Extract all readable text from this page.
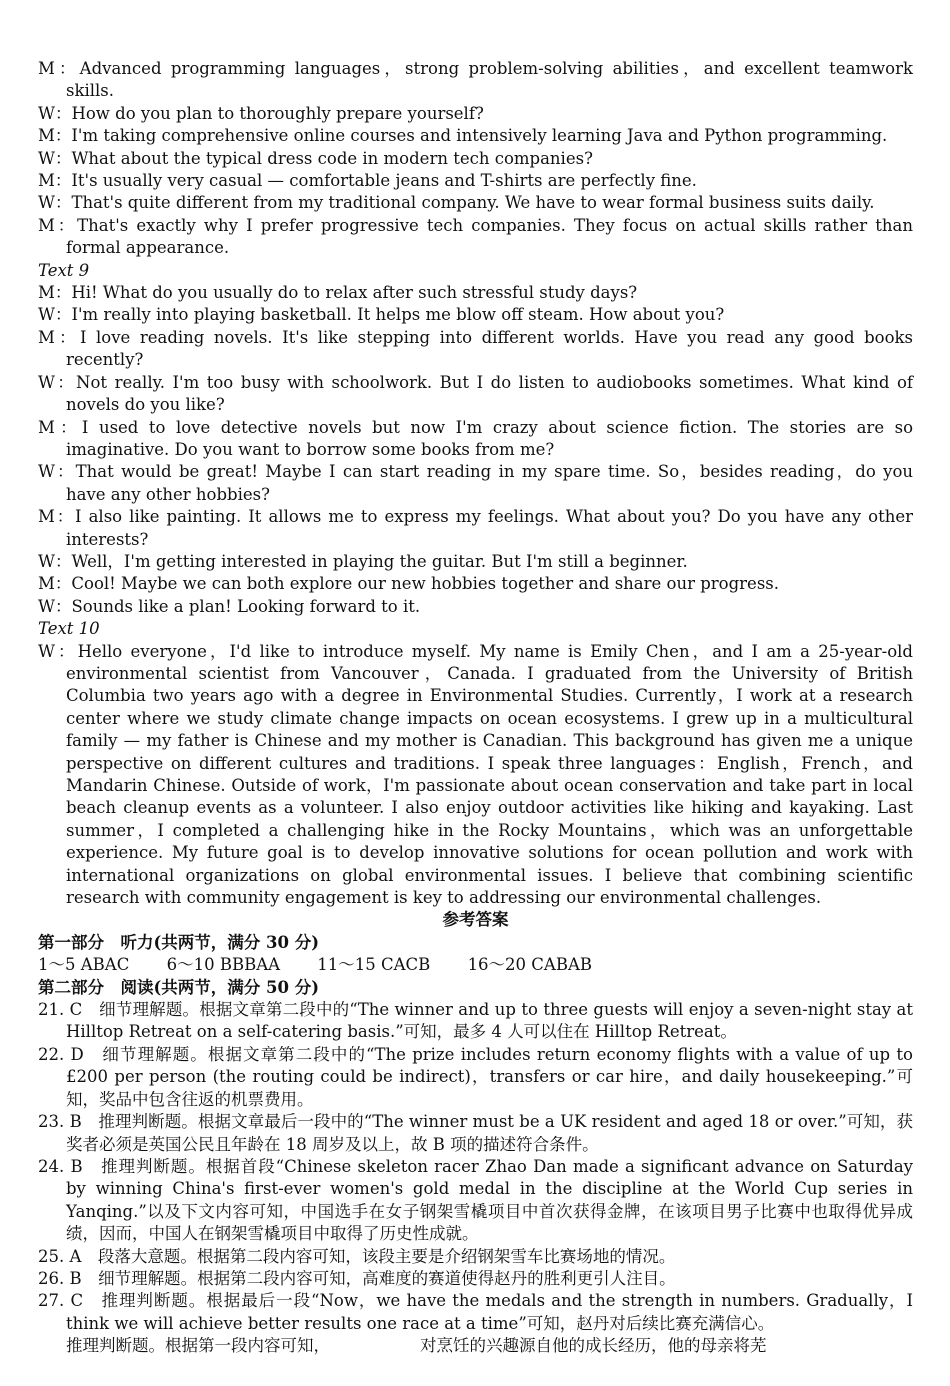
M：Advanced programming languages，strong problem-solving abilities，and excellent teamwork skills.

W：How do you plan to thoroughly prepare yourself?

M：I'm taking comprehensive online courses and intensively learning Java and Python programming.

W：What about the typical dress code in modern tech companies?

M：It's usually very casual — comfortable jeans and T-shirts are perfectly fine.

W：That's quite different from my traditional company. We have to wear formal business suits daily.

M：That's exactly why I prefer progressive tech companies. They focus on actual skills rather than formal appearance.

Text 9

M：Hi! What do you usually do to relax after such stressful study days?

W：I'm really into playing basketball. It helps me blow off steam. How about you?

M：I love reading novels. It's like stepping into different worlds. Have you read any good books recently?

W：Not really. I'm too busy with schoolwork. But I do listen to audiobooks sometimes. What kind of novels do you like?

M：I used to love detective novels but now I'm crazy about science fiction. The stories are so imaginative. Do you want to borrow some books from me?

W：That would be great! Maybe I can start reading in my spare time. So，besides reading，do you have any other hobbies?

M：I also like painting. It allows me to express my feelings. What about you? Do you have any other interests?

W：Well，I'm getting interested in playing the guitar. But I'm still a beginner.

M：Cool! Maybe we can both explore our new hobbies together and share our progress.

W：Sounds like a plan! Looking forward to it.

Text 10

W：Hello everyone，I'd like to introduce myself. My name is Emily Chen，and I am a 25-year-old environmental scientist from Vancouver，Canada. I graduated from the University of British Columbia two years ago with a degree in Environmental Studies. Currently，I work at a research center where we study climate change impacts on ocean ecosystems. I grew up in a multicultural family — my father is Chinese and my mother is Canadian. This background has given me a unique perspective on different cultures and traditions. I speak three languages：English，French，and Mandarin Chinese. Outside of work，I'm passionate about ocean conservation and take part in local beach cleanup events as a volunteer. I also enjoy outdoor activities like hiking and kayaking. Last summer，I completed a challenging hike in the Rocky Mountains，which was an unforgettable experience. My future goal is to develop innovative solutions for ocean pollution and work with international organizations on global environmental issues. I believe that combining scientific research with community engagement is key to addressing our environmental challenges.

参考答案

第一部分　听力(共两节，满分 30 分)

1～5 ABAC 6～10 BBBAA 11～15 CACB 16～20 CABAB

第二部分　阅读(共两节，满分 50 分)

21. C　细节理解题。根据文章第二段中的“The winner and up to three guests will enjoy a seven-night stay at Hilltop Retreat on a self-catering basis.”可知，最多 4 人可以住在 Hilltop Retreat。

22. D　细节理解题。根据文章第二段中的“The prize includes return economy flights with a value of up to £200 per person (the routing could be indirect)，transfers or car hire，and daily housekeeping.”可知，奖品中包含往返的机票费用。

23. B　推理判断题。根据文章最后一段中的“The winner must be a UK resident and aged 18 or over.”可知，获奖者必须是英国公民且年龄在 18 周岁及以上，故 B 项的描述符合条件。

24. B　推理判断题。根据首段“Chinese skeleton racer Zhao Dan made a significant advance on Saturday by winning China's first-ever women's gold medal in the discipline at the World Cup series in Yanqing.”以及下文内容可知，中国选手在女子钢架雪橇项目中首次获得金牌，在该项目男子比赛中也取得优异成绩，因而，中国人在钢架雪橇项目中取得了历史性成就。

25. A　段落大意题。根据第二段内容可知，该段主要是介绍钢架雪车比赛场地的情况。

26. B　细节理解题。根据第二段内容可知，高难度的赛道使得赵丹的胜利更引人注目。

27. C　推理判断题。根据最后一段“Now，we have the medals and the strength in numbers. Gradually，I think we will achieve better results one race at a time”可知，赵丹对后续比赛充满信心。

推理判断题。根据第一段内容可知，	对烹饪的兴趣源自他的成长经历，他的母亲将芜
